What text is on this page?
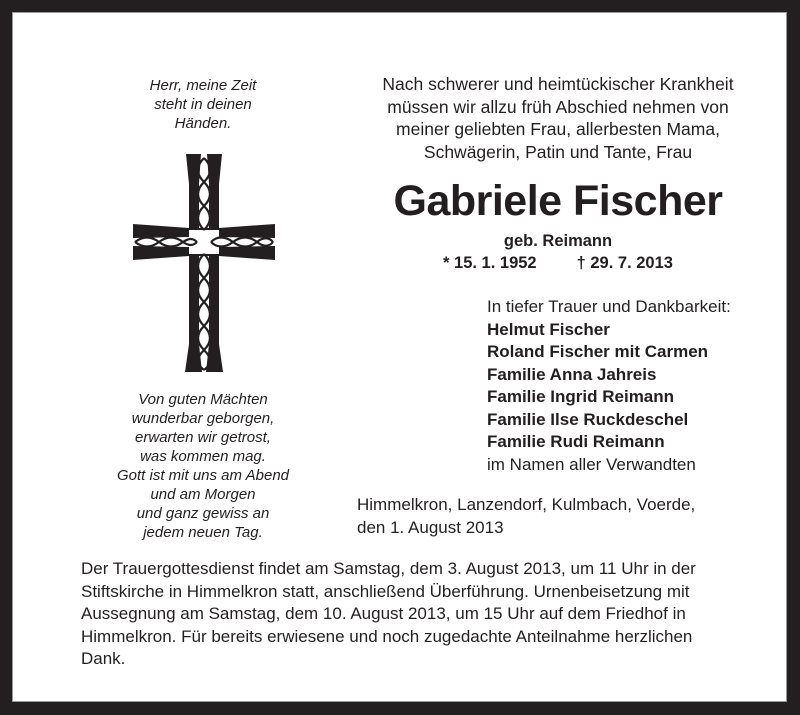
Herr, meine Zeit
steht in deinen
Händen.
Von guten Mächten
wunderbar geborgen,
erwarten wir getrost,
was kommen mag.
Gott ist mit uns am Abend
und am Morgen
und ganz gewiss an
jedem neuen Tag.
Nach schwerer und heimtückischer Krankheit
müssen wir allzu früh Abschied nehmen von
meiner geliebten Frau, allerbesten Mama,
Schwägerin, Patin und Tante, Frau
Gabriele Fischer
geb. Reimann
* 15. 1. 1952 † 29. 7. 2013
In tiefer Trauer und Dankbarkeit:
Helmut Fischer
Roland Fischer mit Carmen
Familie Anna Jahreis
Familie Ingrid Reimann
Familie Ilse Ruckdeschel
Familie Rudi Reimann
im Namen aller Verwandten
Himmelkron, Lanzendorf, Kulmbach, Voerde,
den 1. August 2013
Der Trauergottesdienst findet am Samstag, dem 3. August 2013, um 11 Uhr in der
Stiftskirche in Himmelkron statt, anschließend Überführung. Urnenbeisetzung mit
Aussegnung am Samstag, dem 10. August 2013, um 15 Uhr auf dem Friedhof in
Himmelkron. Für bereits erwiesene und noch zugedachte Anteilnahme herzlichen
Dank.
